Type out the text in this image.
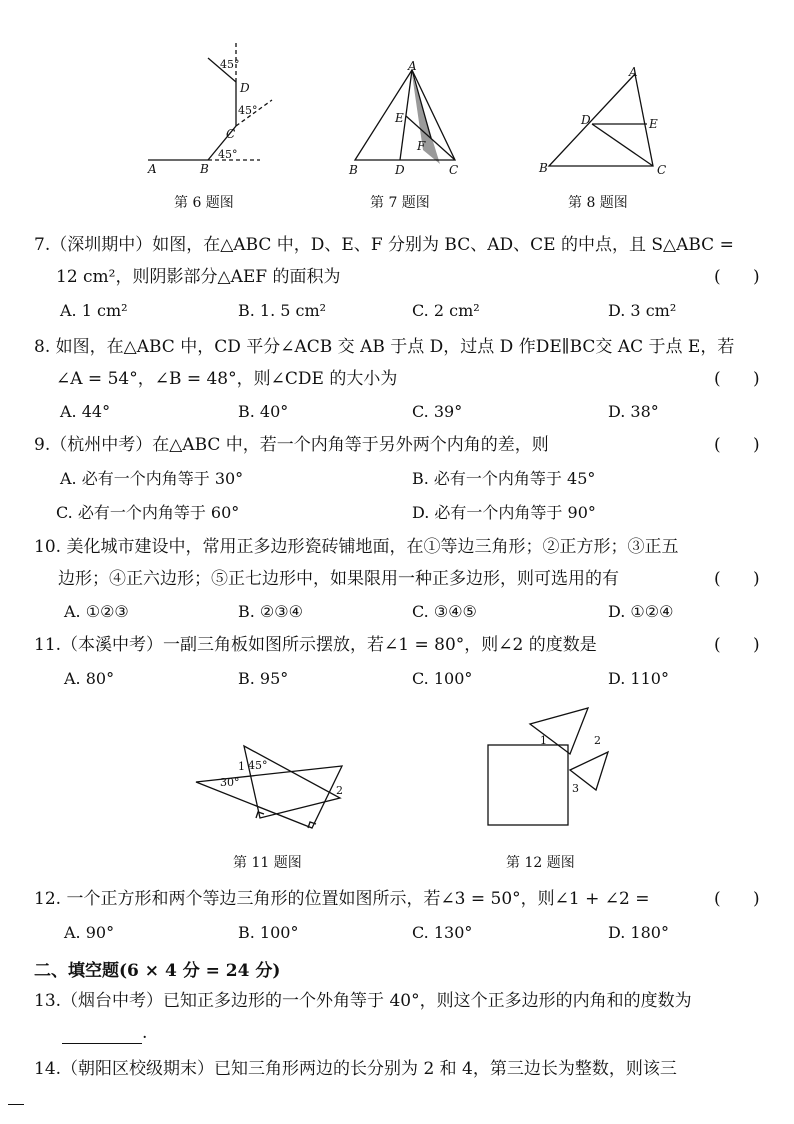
A	B
C
D
45°
45°
45°
第 6 题图
A
B	C
D
E
F
第 7 题图
A
B	C
D	E
第 8 题图
7.（深圳期中）如图，在△ABC 中，D、E、F 分别为 BC、AD、CE 的中点，且 S△ABC =
12 cm²，则阴影部分△AEF 的面积为	(      )
A. 1 cm²	B. 1. 5 cm²	C. 2 cm²	D. 3 cm²
8. 如图，在△ABC 中，CD 平分∠ACB 交 AB 于点 D，过点 D 作DE∥BC交 AC 于点 E，若
∠A = 54°，∠B = 48°，则∠CDE 的大小为	(      )
A. 44°	B. 40°	C. 39°	D. 38°
9.（杭州中考）在△ABC 中，若一个内角等于另外两个内角的差，则	(      )
A. 必有一个内角等于 30°	B. 必有一个内角等于 45°
C. 必有一个内角等于 60°	D. 必有一个内角等于 90°
10. 美化城市建设中，常用正多边形瓷砖铺地面，在①等边三角形；②正方形；③正五
边形；④正六边形；⑤正七边形中，如果限用一种正多边形，则可选用的有	(      )
A. ①②③	B. ②③④	C. ③④⑤	D. ①②④
11.（本溪中考）一副三角板如图所示摆放，若∠1 = 80°，则∠2 的度数是	(      )
A. 80°	B. 95°	C. 100°	D. 110°
1 45°
30°
2
第 11 题图
1	2
3
第 12 题图
12. 一个正方形和两个等边三角形的位置如图所示，若∠3 = 50°，则∠1 + ∠2 =	(      )
A. 90°	B. 100°	C. 130°	D. 180°
二、填空题(6 × 4 分 = 24 分)
13.（烟台中考）已知正多边形的一个外角等于 40°，则这个正多边形的内角和的度数为
.
14.（朝阳区校级期末）已知三角形两边的长分别为 2 和 4，第三边长为整数，则该三
